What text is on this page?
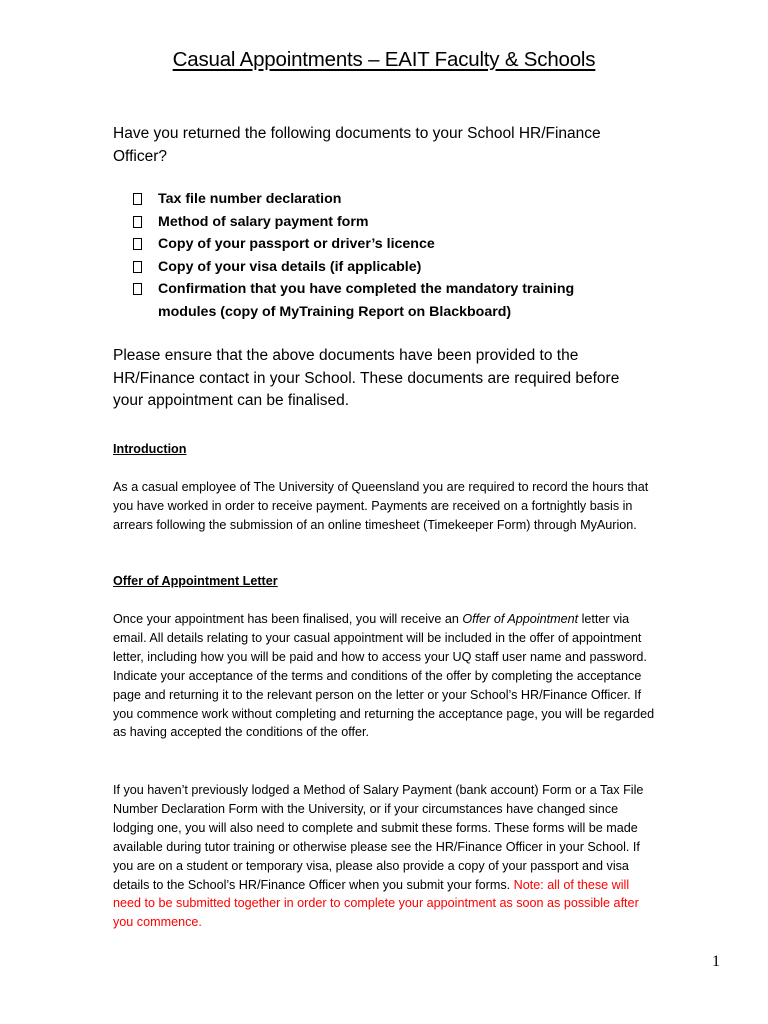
Casual Appointments – EAIT Faculty & Schools

Have you returned the following documents to your School HR/Finance Officer?

Tax file number declaration
Method of salary payment form
Copy of your passport or driver’s licence
Copy of your visa details (if applicable)
Confirmation that you have completed the mandatory training modules (copy of MyTraining Report on Blackboard)

Please ensure that the above documents have been provided to the HR/Finance contact in your School. These documents are required before your appointment can be finalised.

Introduction

As a casual employee of The University of Queensland you are required to record the hours that you have worked in order to receive payment. Payments are received on a fortnightly basis in arrears following the submission of an online timesheet (Timekeeper Form) through MyAurion.

Offer of Appointment Letter

Once your appointment has been finalised, you will receive an Offer of Appointment letter via email. All details relating to your casual appointment will be included in the offer of appointment letter, including how you will be paid and how to access your UQ staff user name and password. Indicate your acceptance of the terms and conditions of the offer by completing the acceptance page and returning it to the relevant person on the letter or your School’s HR/Finance Officer. If you commence work without completing and returning the acceptance page, you will be regarded as having accepted the conditions of the offer.

If you haven’t previously lodged a Method of Salary Payment (bank account) Form or a Tax File Number Declaration Form with the University, or if your circumstances have changed since lodging one, you will also need to complete and submit these forms. These forms will be made available during tutor training or otherwise please see the HR/Finance Officer in your School. If you are on a student or temporary visa, please also provide a copy of your passport and visa details to the School’s HR/Finance Officer when you submit your forms. Note: all of these will need to be submitted together in order to complete your appointment as soon as possible after you commence.

1
